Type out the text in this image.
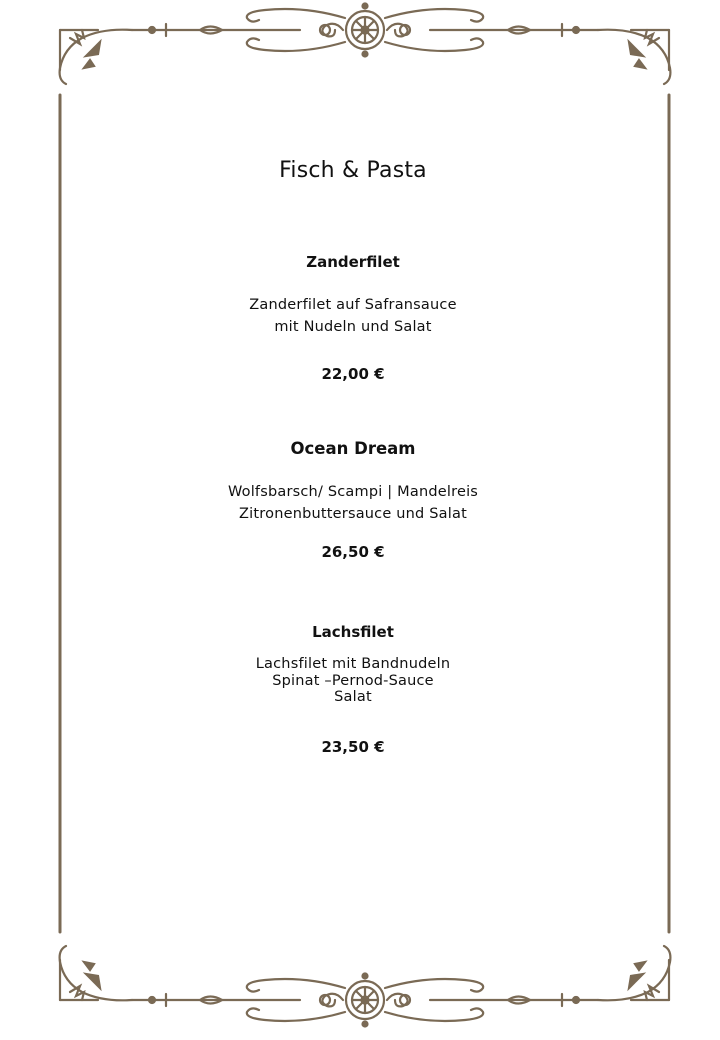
Fisch & Pasta
Zanderfilet
Zanderfilet auf Safransauce
mit Nudeln und Salat
22,00 €
Ocean Dream
Wolfsbarsch/ Scampi | Mandelreis
Zitronenbuttersauce und Salat
26,50 €
Lachsfilet
Lachsfilet mit Bandnudeln
Spinat –Pernod-Sauce
Salat
23,50 €
